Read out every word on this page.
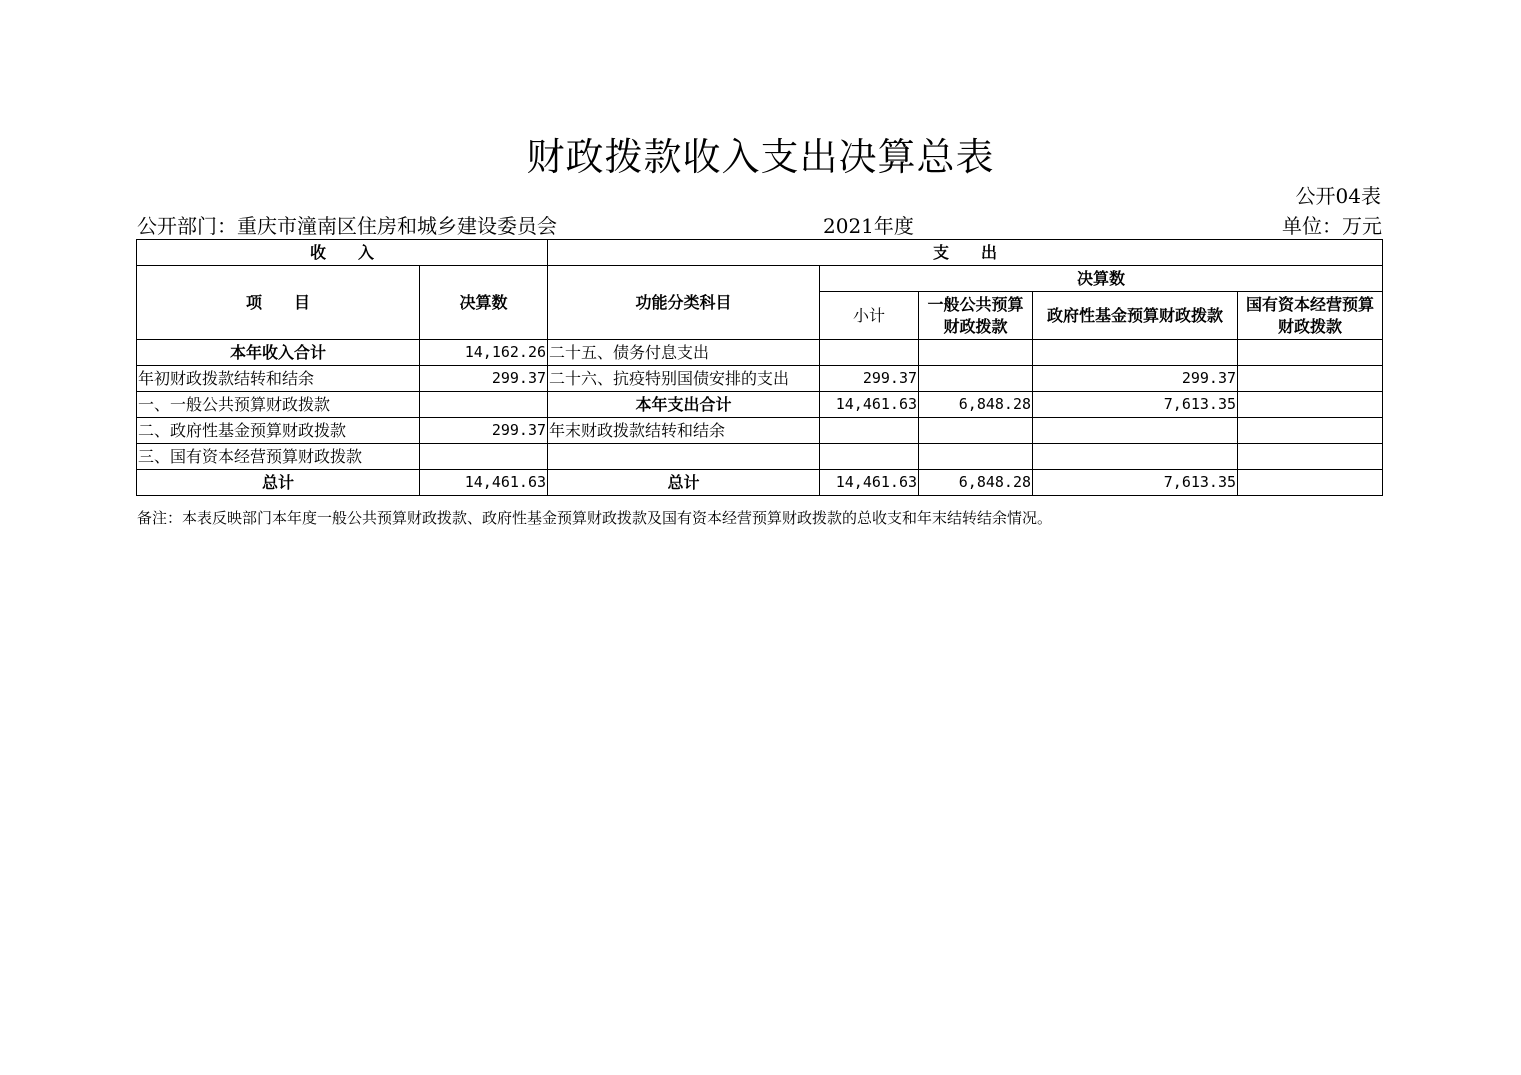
财政拨款收入支出决算总表
公开04表
公开部门：重庆市潼南区住房和城乡建设委员会	2021年度	单位：万元
收　　入		支　　出				
项　　目	决算数	功能分类科目	决算数			
			小计	一般公共预算财政拨款	政府性基金预算财政拨款	国有资本经营预算财政拨款
本年收入合计	14,162.26	二十五、债务付息支出				
年初财政拨款结转和结余	299.37	二十六、抗疫特别国债安排的支出	299.37		299.37	
一、一般公共预算财政拨款		本年支出合计	14,461.63	6,848.28	7,613.35	
二、政府性基金预算财政拨款	299.37	年末财政拨款结转和结余				
三、国有资本经营预算财政拨款						
总计	14,461.63	总计	14,461.63	6,848.28	7,613.35	
备注：本表反映部门本年度一般公共预算财政拨款、政府性基金预算财政拨款及国有资本经营预算财政拨款的总收支和年末结转结余情况。
